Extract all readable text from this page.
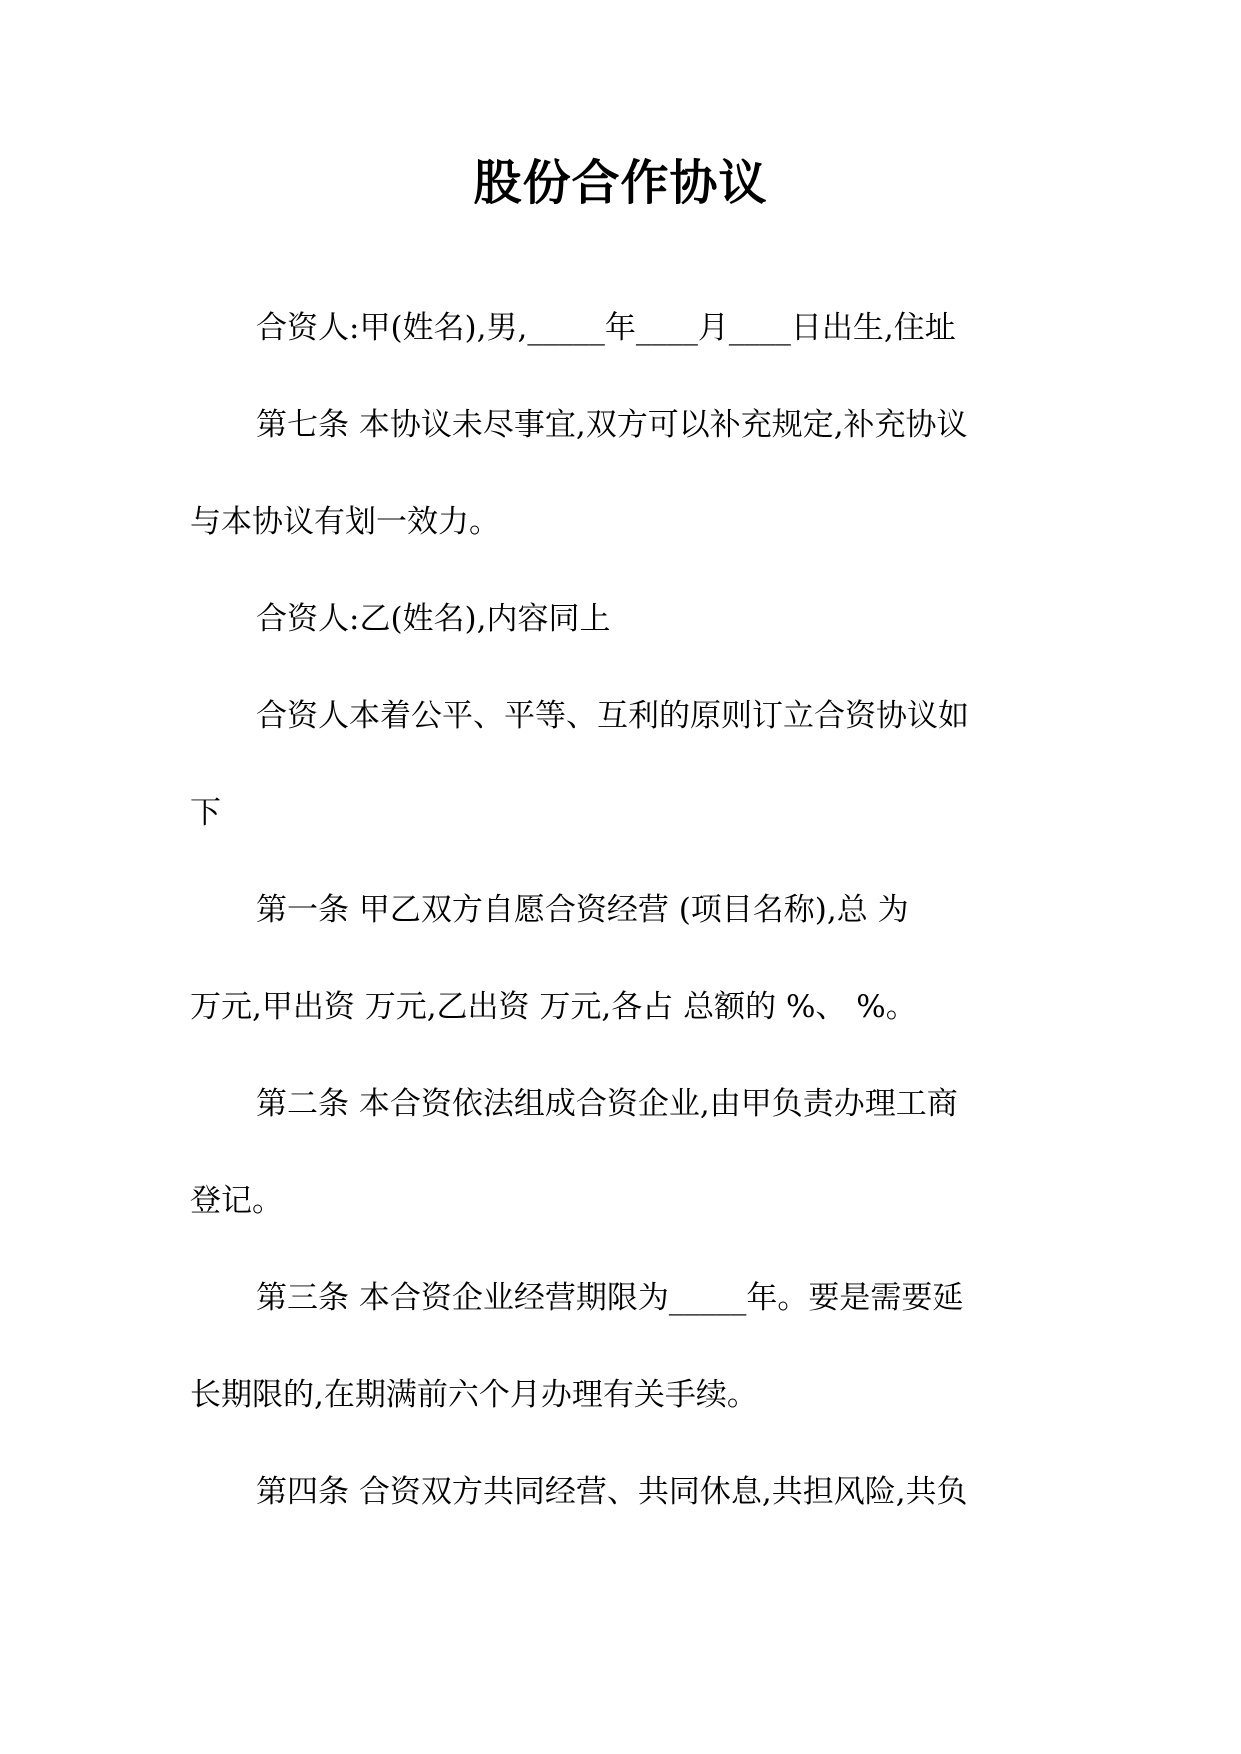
股份合作协议
合资人:甲(姓名),男,_____年____月____日出生,住址
第七条 本协议未尽事宜,双方可以补充规定,补充协议
与本协议有划一效力。
合资人:乙(姓名),内容同上
合资人本着公平、平等、互利的原则订立合资协议如
下
第一条 甲乙双方自愿合资经营 (项目名称),总 为
万元,甲出资 万元,乙出资 万元,各占 总额的 %、 %。
第二条 本合资依法组成合资企业,由甲负责办理工商
登记。
第三条 本合资企业经营期限为_____年。要是需要延
长期限的,在期满前六个月办理有关手续。
第四条 合资双方共同经营、共同休息,共担风险,共负
